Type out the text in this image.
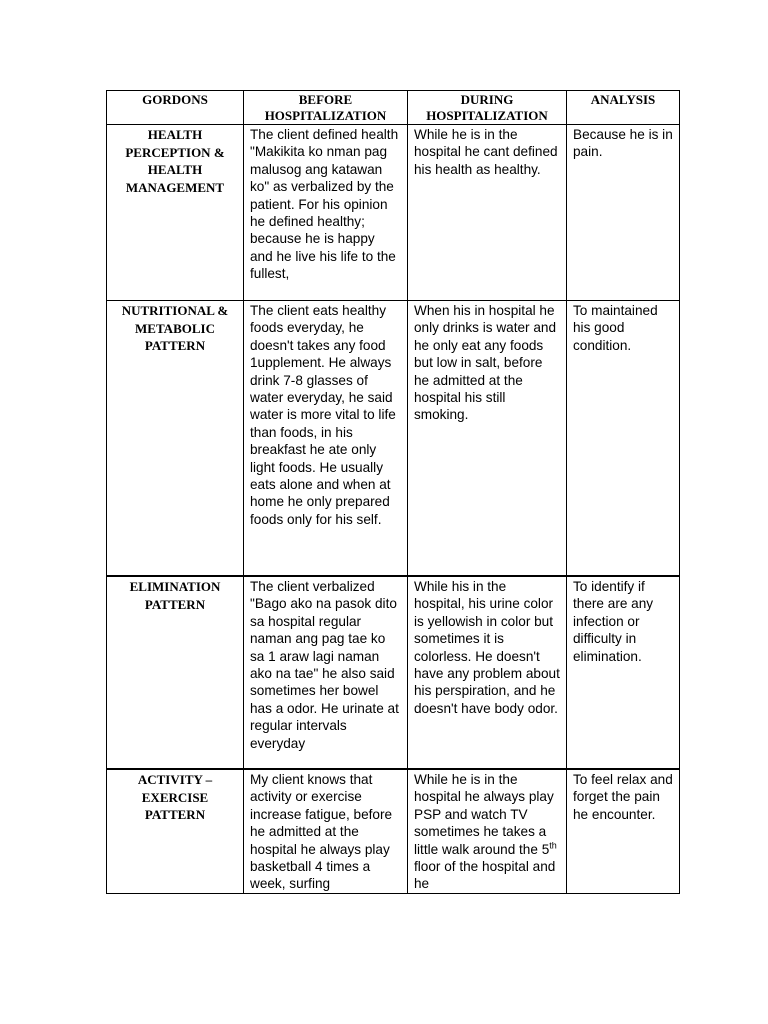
GORDONS	BEFORE HOSPITALIZATION	DURING HOSPITALIZATION	ANALYSIS
HEALTH PERCEPTION & HEALTH MANAGEMENT	The client defined health "Makikita ko nman pag malusog ang katawan ko" as verbalized by the patient. For his opinion he defined healthy; because he is happy and he live his life to the fullest,	While he is in the hospital he cant defined his health as healthy.	Because he is in pain.
NUTRITIONAL & METABOLIC PATTERN	The client eats healthy foods everyday, he doesn't takes any food 1upplement. He always drink 7-8 glasses of water everyday, he said water is more vital to life than foods, in his breakfast he ate only light foods. He usually eats alone and when at home he only prepared foods only for his self.	When his in hospital he only drinks is water and he only eat any foods but low in salt, before he admitted at the hospital his still smoking.	To maintained his good condition.
ELIMINATION PATTERN	The client verbalized "Bago ako na pasok dito sa hospital regular naman ang pag tae ko sa 1 araw lagi naman ako na tae" he also said sometimes her bowel has a odor. He urinate at regular intervals everyday	While his in the hospital, his urine color is yellowish in color but sometimes it is colorless. He doesn't have any problem about his perspiration, and he doesn't have body odor.	To identify if there are any infection or difficulty in elimination.
ACTIVITY – EXERCISE PATTERN	My client knows that activity or exercise increase fatigue, before he admitted at the hospital he always play basketball 4 times a week, surfing	While he is in the hospital he always play PSP and watch TV sometimes he takes a little walk around the 5th floor of the hospital and he	To feel relax and forget the pain he encounter.
